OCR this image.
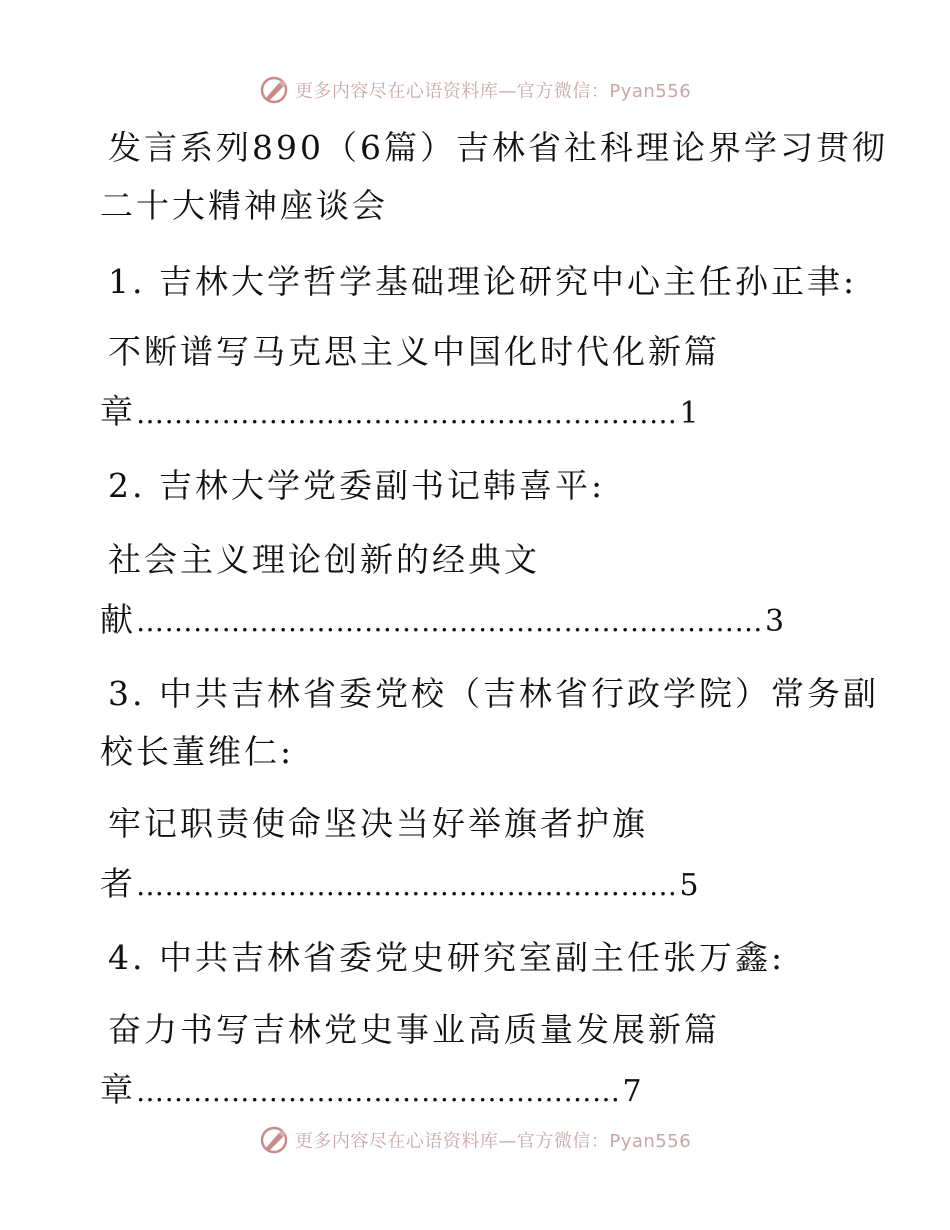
更多内容尽在心语资料库—官方微信：Pyan556
发言系列890（6篇）吉林省社科理论界学习贯彻
二十大精神座谈会
1. 吉林大学哲学基础理论研究中心主任孙正聿:
不断谱写马克思主义中国化时代化新篇
章 ………………………………………………… 1
2. 吉林大学党委副书记韩喜平:
社会主义理论创新的经典文
献 ………………………………………………………… 3
3. 中共吉林省委党校（吉林省行政学院）常务副
校长董维仁:
牢记职责使命坚决当好举旗者护旗
者 ………………………………………………… 5
4. 中共吉林省委党史研究室副主任张万鑫:
奋力书写吉林党史事业高质量发展新篇
章 …………………………………………… 7
更多内容尽在心语资料库—官方微信：Pyan556
